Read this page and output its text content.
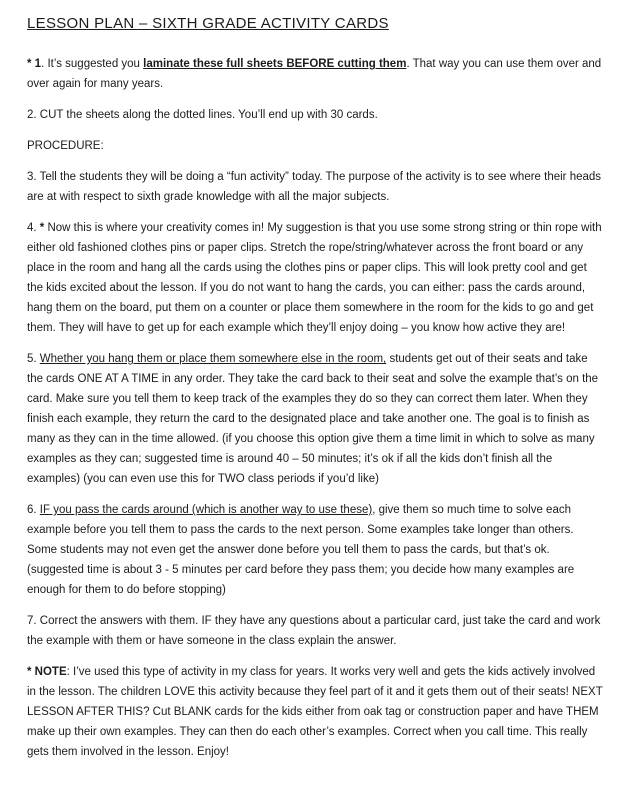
LESSON PLAN – SIXTH GRADE ACTIVITY CARDS

* 1. It’s suggested you laminate these full sheets BEFORE cutting them. That way you can use them over and over again for many years.

2. CUT the sheets along the dotted lines. You’ll end up with 30 cards.

PROCEDURE:

3. Tell the students they will be doing a “fun activity” today. The purpose of the activity is to see where their heads are at with respect to sixth grade knowledge with all the major subjects.

4. * Now this is where your creativity comes in! My suggestion is that you use some strong string or thin rope with either old fashioned clothes pins or paper clips. Stretch the rope/string/whatever across the front board or any place in the room and hang all the cards using the clothes pins or paper clips. This will look pretty cool and get the kids excited about the lesson. If you do not want to hang the cards, you can either: pass the cards around, hang them on the board, put them on a counter or place them somewhere in the room for the kids to go and get them. They will have to get up for each example which they’ll enjoy doing – you know how active they are!

5. Whether you hang them or place them somewhere else in the room, students get out of their seats and take the cards ONE AT A TIME in any order. They take the card back to their seat and solve the example that’s on the card. Make sure you tell them to keep track of the examples they do so they can correct them later. When they finish each example, they return the card to the designated place and take another one. The goal is to finish as many as they can in the time allowed. (if you choose this option give them a time limit in which to solve as many examples as they can; suggested time is around 40 – 50 minutes; it’s ok if all the kids don’t finish all the examples) (you can even use this for TWO class periods if you’d like)

6. IF you pass the cards around (which is another way to use these), give them so much time to solve each example before you tell them to pass the cards to the next person. Some examples take longer than others. Some students may not even get the answer done before you tell them to pass the cards, but that’s ok. (suggested time is about 3 - 5 minutes per card before they pass them; you decide how many examples are enough for them to do before stopping)

7. Correct the answers with them. IF they have any questions about a particular card, just take the card and work the example with them or have someone in the class explain the answer.

* NOTE: I’ve used this type of activity in my class for years. It works very well and gets the kids actively involved in the lesson. The children LOVE this activity because they feel part of it and it gets them out of their seats! NEXT LESSON AFTER THIS? Cut BLANK cards for the kids either from oak tag or construction paper and have THEM make up their own examples. They can then do each other’s examples. Correct when you call time. This really gets them involved in the lesson. Enjoy!
